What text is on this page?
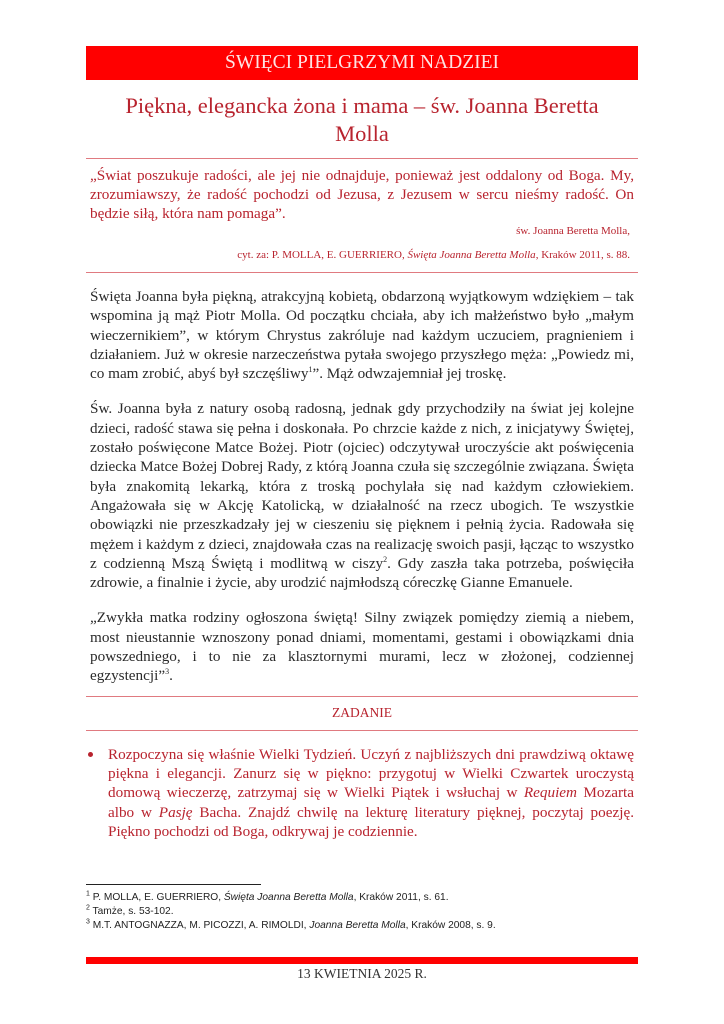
ŚWIĘCI PIELGRZYMI NADZIEI
Piękna, elegancka żona i mama – św. Joanna Beretta Molla
„Świat poszukuje radości, ale jej nie odnajduje, ponieważ jest oddalony od Boga. My, zrozumiawszy, że radość pochodzi od Jezusa, z Jezusem w sercu nieśmy radość. On będzie siłą, która nam pomaga”.
św. Joanna Beretta Molla,
cyt. za: P. MOLLA, E. GUERRIERO, Święta Joanna Beretta Molla, Kraków 2011, s. 88.

Święta Joanna była piękną, atrakcyjną kobietą, obdarzoną wyjątkowym wdziękiem – tak wspomina ją mąż Piotr Molla. Od początku chciała, aby ich małżeństwo było „małym wieczernikiem”, w którym Chrystus zakróluje nad każdym uczuciem, pragnieniem i działaniem. Już w okresie narzeczeństwa pytała swojego przyszłego męża: „Powiedz mi, co mam zrobić, abyś był szczęśliwy$^1$”. Mąż odwzajemniał jej troskę.

Św. Joanna była z natury osobą radosną, jednak gdy przychodziły na świat jej kolejne dzieci, radość stawa się pełna i doskonała. Po chrzcie każde z nich, z inicjatywy Świętej, zostało poświęcone Matce Bożej. Piotr (ojciec) odczytywał uroczyście akt poświęcenia dziecka Matce Bożej Dobrej Rady, z którą Joanna czuła się szczególnie związana. Święta była znakomitą lekarką, która z troską pochylała się nad każdym człowiekiem. Angażowała się w Akcję Katolicką, w działalność na rzecz ubogich. Te wszystkie obowiązki nie przeszkadzały jej w cieszeniu się pięknem i pełnią życia. Radowała się mężem i każdym z dzieci, znajdowała czas na realizację swoich pasji, łącząc to wszystko z codzienną Mszą Świętą i modlitwą w ciszy$^2$. Gdy zaszła taka potrzeba, poświęciła zdrowie, a finalnie i życie, aby urodzić najmłodszą córeczkę Gianne Emanuele.

„Zwykła matka rodziny ogłoszona świętą! Silny związek pomiędzy ziemią a niebem, most nieustannie wznoszony ponad dniami, momentami, gestami i obowiązkami dnia powszedniego, i to nie za klasztornymi murami, lecz w złożonej, codziennej egzystencji”$^3$.

ZADANIE
Rozpoczyna się właśnie Wielki Tydzień. Uczyń z najbliższych dni prawdziwą oktawę piękna i elegancji. Zanurz się w piękno: przygotuj w Wielki Czwartek uroczystą domową wieczerzę, zatrzymaj się w Wielki Piątek i wsłuchaj w Requiem Mozarta albo w Pasję Bacha. Znajdź chwilę na lekturę literatury pięknej, poczytaj poezję. Piękno pochodzi od Boga, odkrywaj je codziennie.
$^1$ P. MOLLA, E. GUERRIERO, Święta Joanna Beretta Molla, Kraków 2011, s. 61.
$^2$ Tamże, s. 53-102.
$^3$ M.T. ANTOGNAZZA, M. PICOZZI, A. RIMOLDI, Joanna Beretta Molla, Kraków 2008, s. 9.
13 KWIETNIA 2025 R.
